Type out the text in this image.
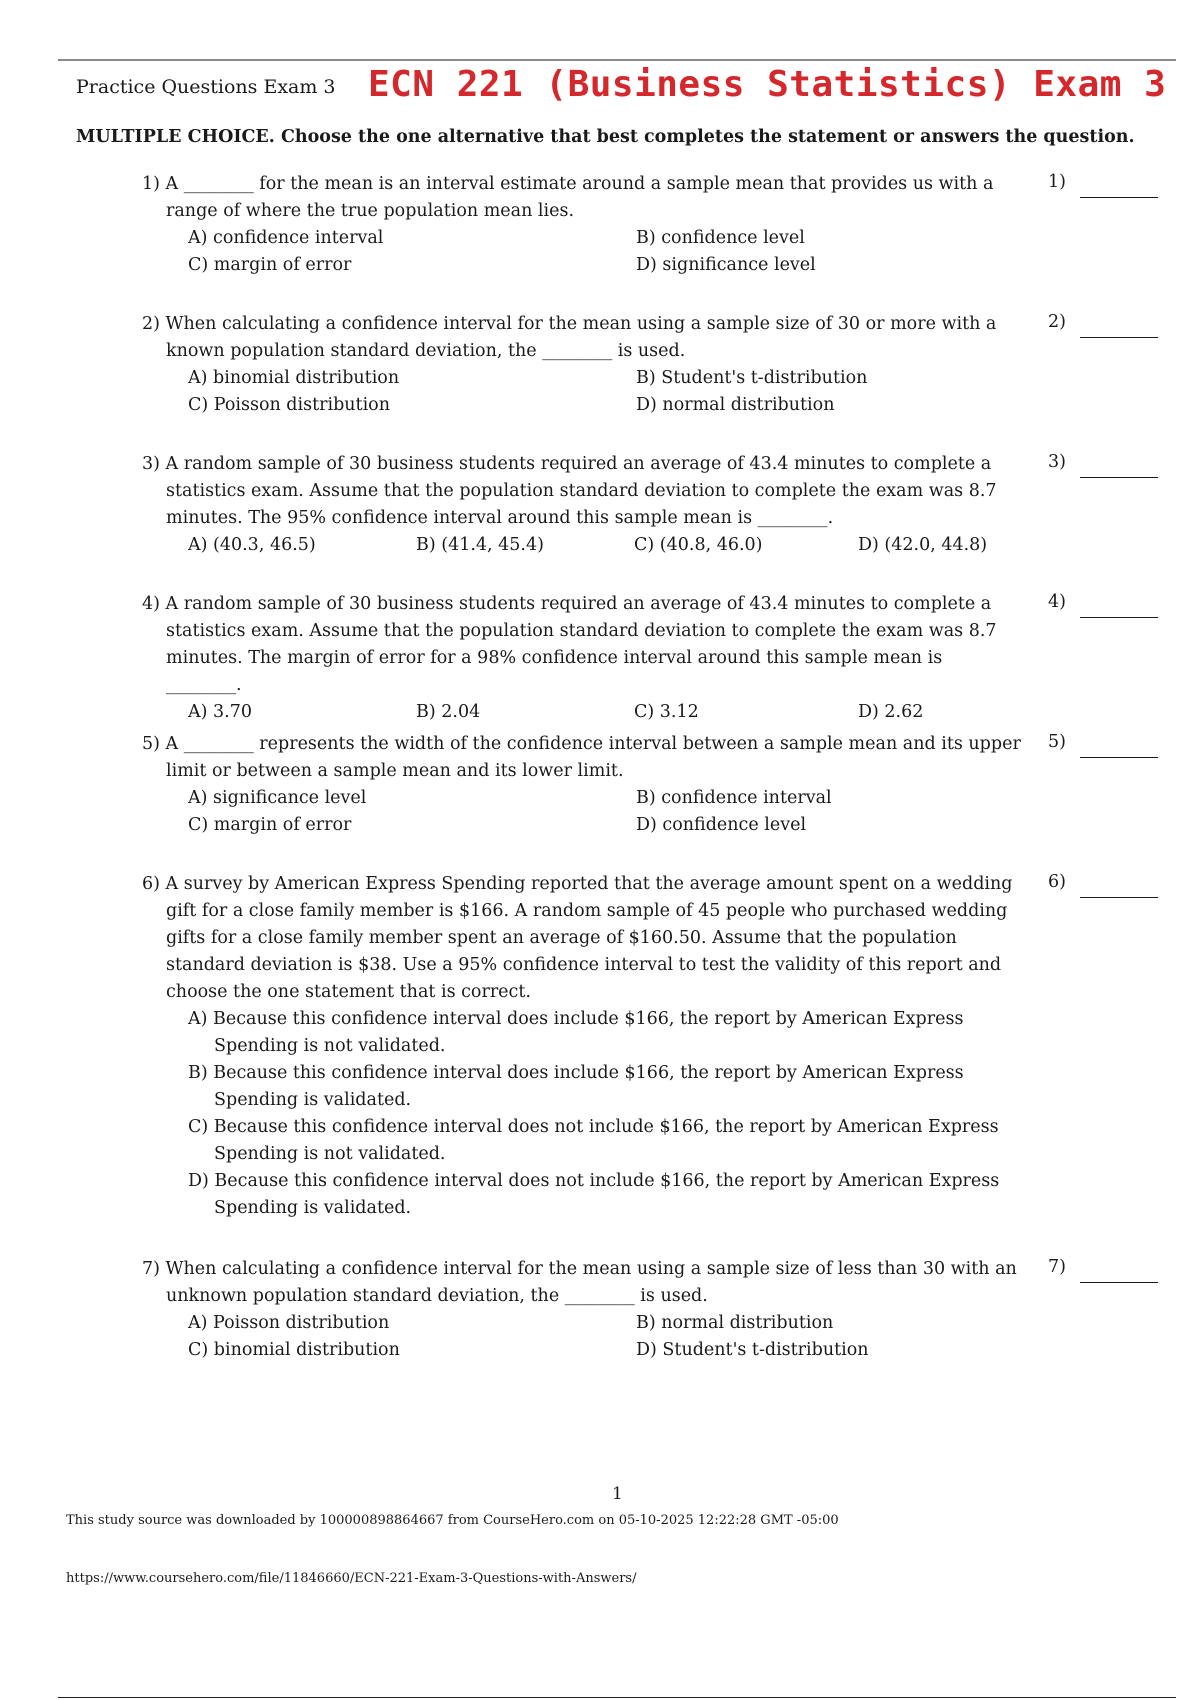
Practice Questions Exam 3 ECN 221 (Business Statistics) Exam 3
MULTIPLE CHOICE. Choose the one alternative that best completes the statement or answers the question.
1) A ________ for the mean is an interval estimate around a sample mean that provides us with a range of where the true population mean lies.
A) confidence interval	B) confidence level
C) margin of error	D) significance level
1)
2) When calculating a confidence interval for the mean using a sample size of 30 or more with a known population standard deviation, the ________ is used.
A) binomial distribution	B) Student's t-distribution
C) Poisson distribution	D) normal distribution
2)
3) A random sample of 30 business students required an average of 43.4 minutes to complete a statistics exam. Assume that the population standard deviation to complete the exam was 8.7 minutes. The 95% confidence interval around this sample mean is ________.
A) (40.3, 46.5)	B) (41.4, 45.4)	C) (40.8, 46.0)	D) (42.0, 44.8)
3)
4) A random sample of 30 business students required an average of 43.4 minutes to complete a statistics exam. Assume that the population standard deviation to complete the exam was 8.7 minutes. The margin of error for a 98% confidence interval around this sample mean is ________.
A) 3.70	B) 2.04	C) 3.12	D) 2.62
4)
5) A ________ represents the width of the confidence interval between a sample mean and its upper limit or between a sample mean and its lower limit.
A) significance level	B) confidence interval
C) margin of error	D) confidence level
5)
6) A survey by American Express Spending reported that the average amount spent on a wedding gift for a close family member is $166. A random sample of 45 people who purchased wedding gifts for a close family member spent an average of $160.50. Assume that the population standard deviation is $38. Use a 95% confidence interval to test the validity of this report and choose the one statement that is correct.
A) Because this confidence interval does include $166, the report by American Express Spending is not validated.
B) Because this confidence interval does include $166, the report by American Express Spending is validated.
C) Because this confidence interval does not include $166, the report by American Express Spending is not validated.
D) Because this confidence interval does not include $166, the report by American Express Spending is validated.
6)
7) When calculating a confidence interval for the mean using a sample size of less than 30 with an unknown population standard deviation, the ________ is used.
A) Poisson distribution	B) normal distribution
C) binomial distribution	D) Student's t-distribution
7)
1
This study source was downloaded by 100000898864667 from CourseHero.com on 05-10-2025 12:22:28 GMT -05:00
https://www.coursehero.com/file/11846660/ECN-221-Exam-3-Questions-with-Answers/
